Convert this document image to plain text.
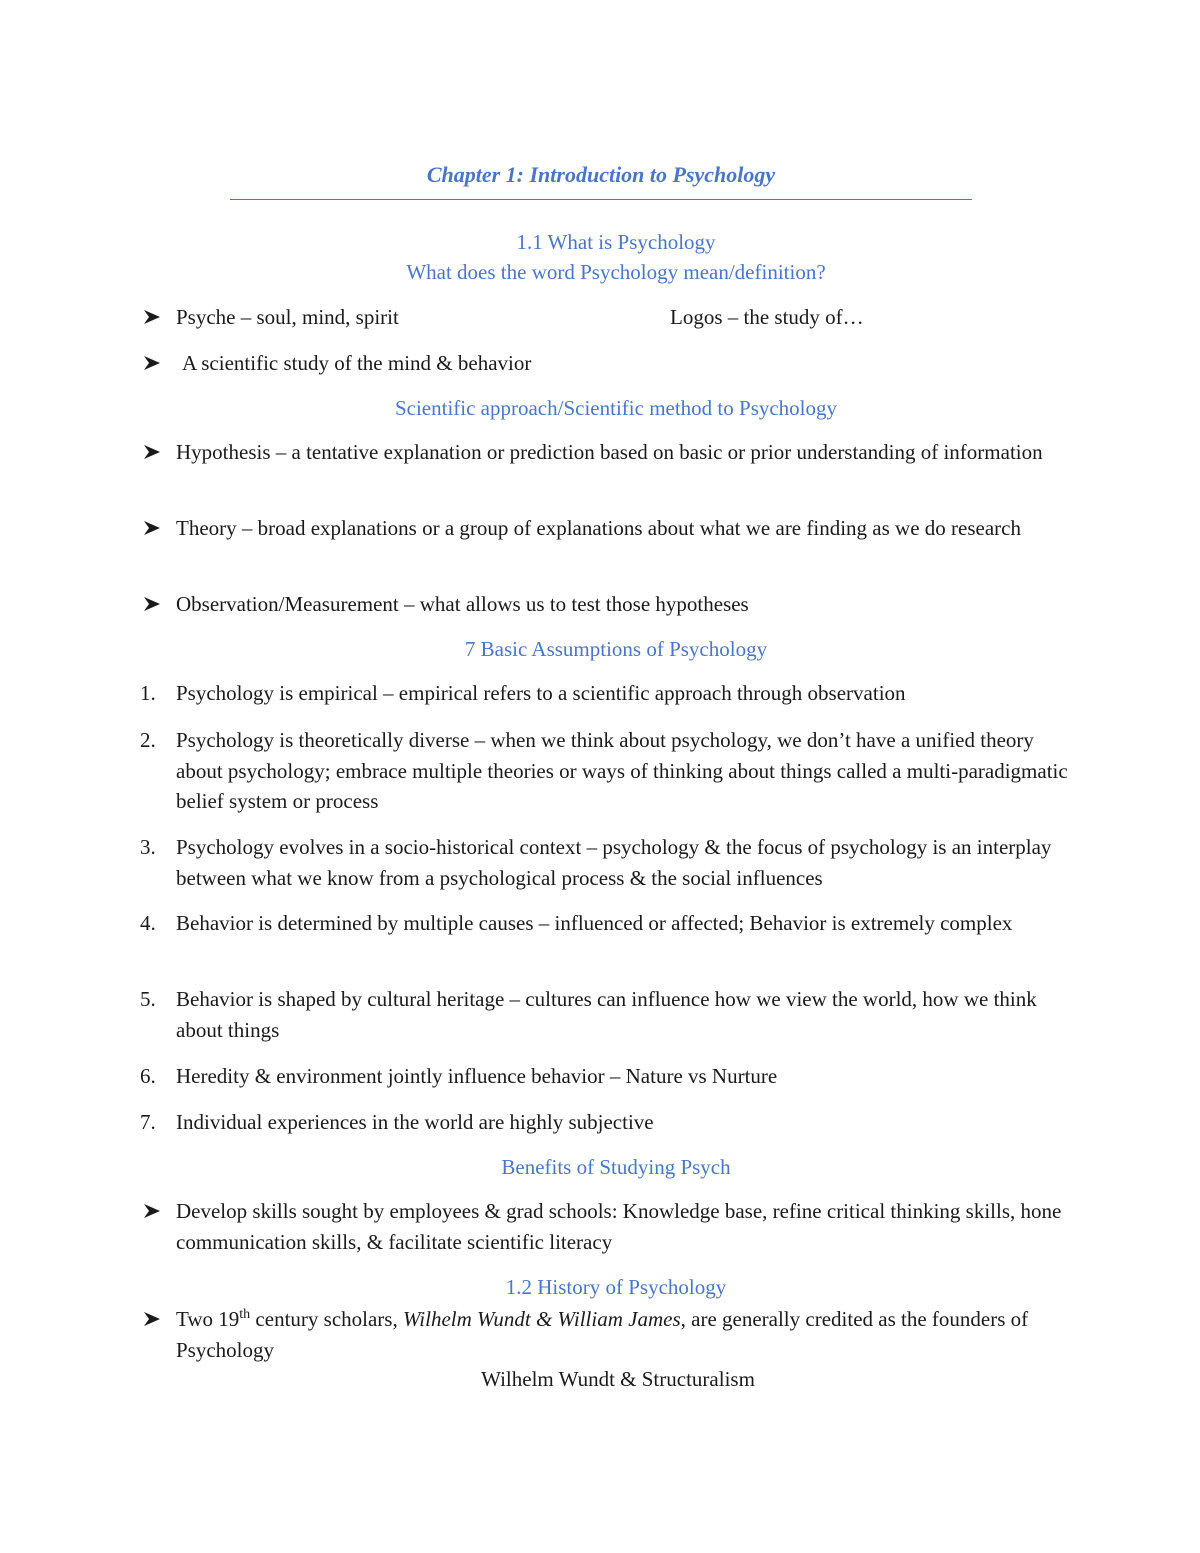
Chapter 1: Introduction to Psychology
1.1 What is Psychology
What does the word Psychology mean/definition?
Psyche – soul, mind, spirit	Logos – the study of…
A scientific study of the mind & behavior
Scientific approach/Scientific method to Psychology
Hypothesis – a tentative explanation or prediction based on basic or prior understanding of information
Theory – broad explanations or a group of explanations about what we are finding as we do research
Observation/Measurement – what allows us to test those hypotheses
7 Basic Assumptions of Psychology
1. Psychology is empirical – empirical refers to a scientific approach through observation
2. Psychology is theoretically diverse – when we think about psychology, we don’t have a unified theory about psychology; embrace multiple theories or ways of thinking about things called a multi-paradigmatic belief system or process
3. Psychology evolves in a socio-historical context – psychology & the focus of psychology is an interplay between what we know from a psychological process & the social influences
4. Behavior is determined by multiple causes – influenced or affected; Behavior is extremely complex
5. Behavior is shaped by cultural heritage – cultures can influence how we view the world, how we think about things
6. Heredity & environment jointly influence behavior – Nature vs Nurture
7. Individual experiences in the world are highly subjective
Benefits of Studying Psych
Develop skills sought by employees & grad schools: Knowledge base, refine critical thinking skills, hone communication skills, & facilitate scientific literacy
1.2 History of Psychology
Two 19th century scholars, Wilhelm Wundt & William James, are generally credited as the founders of Psychology
Wilhelm Wundt & Structuralism
